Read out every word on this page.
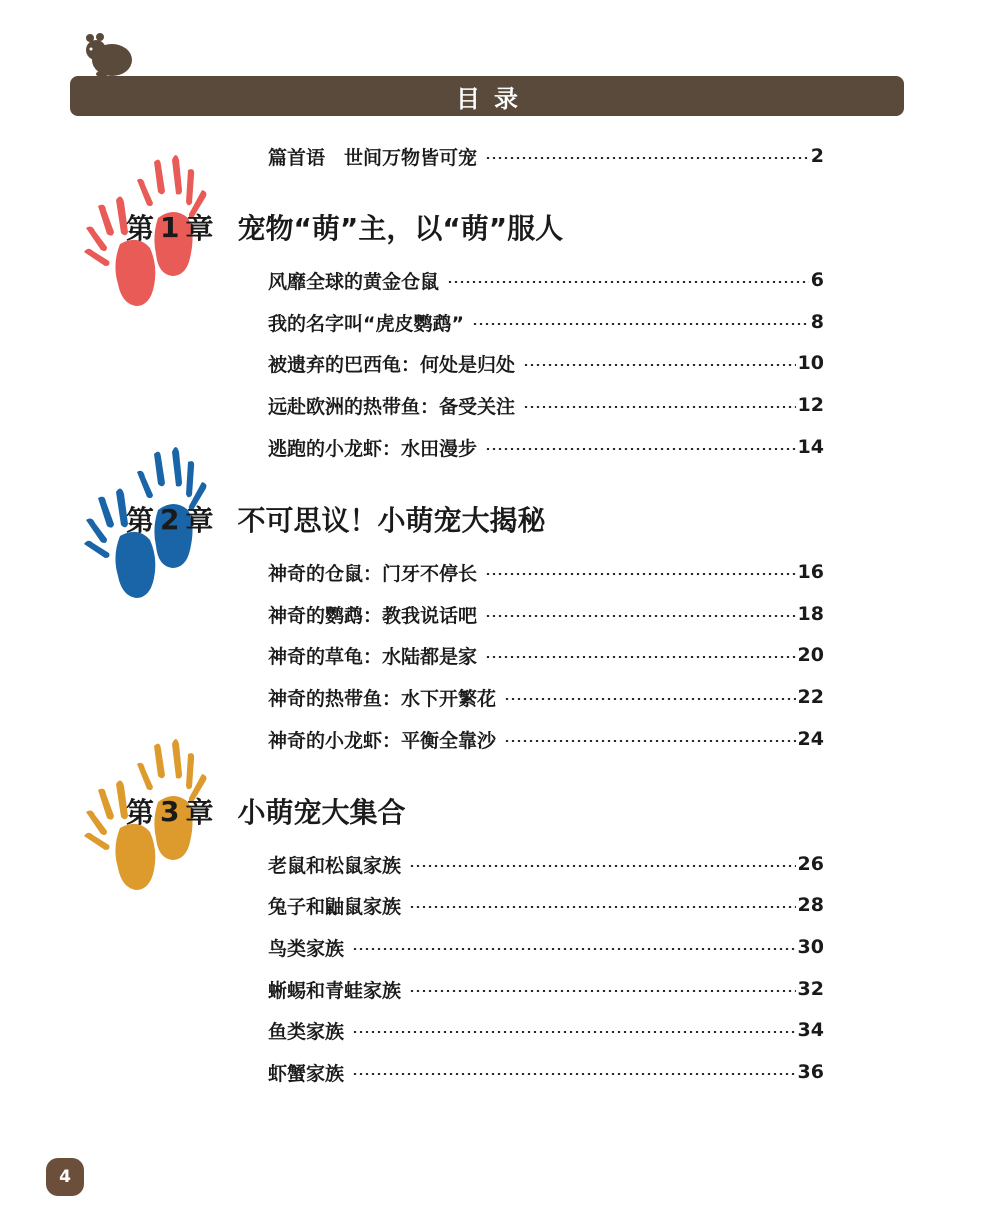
目录
篇首语　世间万物皆可宠	2
第 1 章 宠物“萌”主，以“萌”服人
风靡全球的黄金仓鼠	6
我的名字叫“虎皮鹦鹉”	8
被遗弃的巴西龟：何处是归处	10
远赴欧洲的热带鱼：备受关注	12
逃跑的小龙虾：水田漫步	14
第 2 章 不可思议！小萌宠大揭秘
神奇的仓鼠：门牙不停长	16
神奇的鹦鹉：教我说话吧	18
神奇的草龟：水陆都是家	20
神奇的热带鱼：水下开繁花	22
神奇的小龙虾：平衡全靠沙	24
第 3 章 小萌宠大集合
老鼠和松鼠家族	26
兔子和鼬鼠家族	28
鸟类家族	30
蜥蜴和青蛙家族	32
鱼类家族	34
虾蟹家族	36
4
